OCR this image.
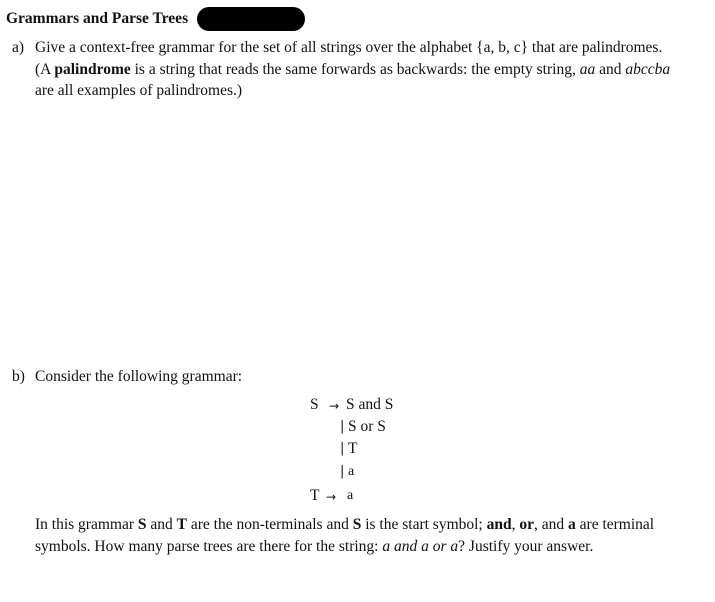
Grammars and Parse Trees
a) Give a context-free grammar for the set of all strings over the alphabet {a, b, c} that are palindromes.
(A palindrome is a string that reads the same forwards as backwards: the empty string, aa and abccba
are all examples of palindromes.)
b) Consider the following grammar:
S → S and S
| S or S
| T
| a
T → a
In this grammar S and T are the non-terminals and S is the start symbol; and, or, and a are terminal
symbols. How many parse trees are there for the string: a and a or a? Justify your answer.
